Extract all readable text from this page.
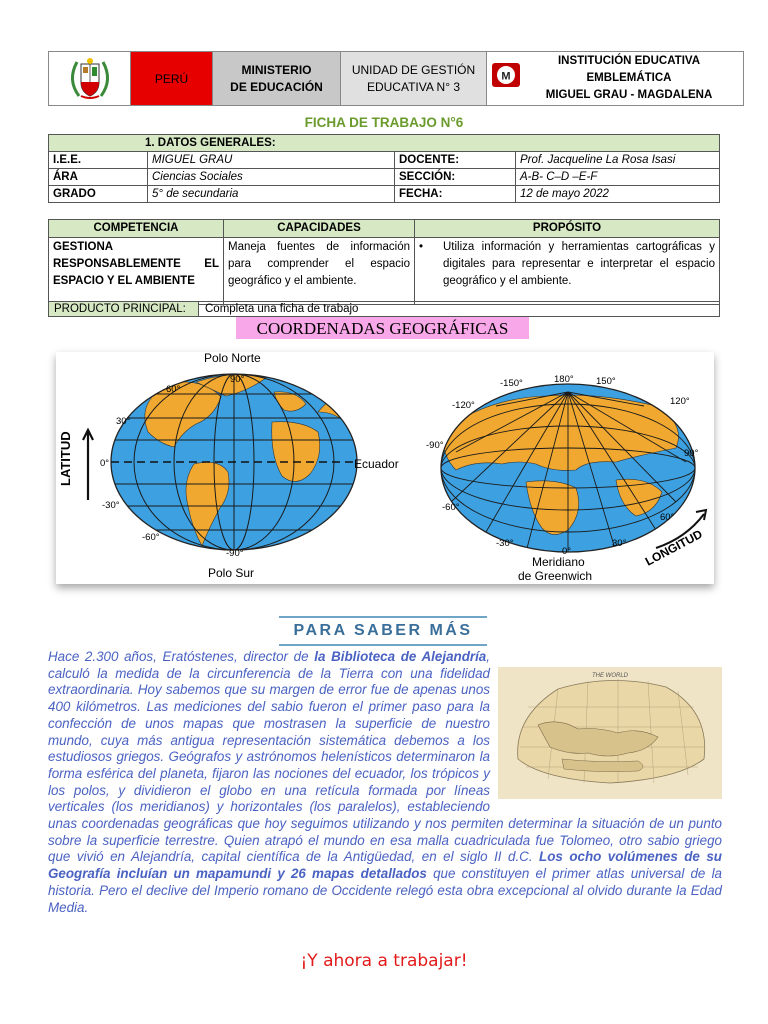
PERÚ
MINISTERIO
DE EDUCACIÓN
UNIDAD DE GESTIÓN
EDUCATIVA N° 3
M
INSTITUCIÓN EDUCATIVA
EMBLEMÁTICA
MIGUEL GRAU - MAGDALENA
FICHA DE TRABAJO N°6
1. DATOS GENERALES:			
I.E.E.	MIGUEL GRAU	DOCENTE:	Prof. Jacqueline La Rosa Isasi
ÁRA	Ciencias Sociales	SECCIÓN:	A-B- C–D –E-F
GRADO	5° de secundaria	FECHA:	12 de mayo 2022
COMPETENCIA	CAPACIDADES	PROPÓSITO
GESTIONA

RESPONSABLEMENTE EL
ESPACIO Y EL AMBIENTE	Maneja fuentes de información para comprender el espacio geográfico y el ambiente.	• Utiliza información y herramientas cartográficas y digitales para representar e interpretar el espacio geográfico y el ambiente.
PRODUCTO PRINCIPAL:	Completa una ficha de trabajo
COORDENADAS GEOGRÁFICAS
Polo Norte
Polo Sur
Ecuador
90°
60°
30°
0°
-30°
-60°
-90°
LATITUD
-150°	180° 150°
-120°	120°
-90°
90°
-60°
60°
-30°
0°
30°
Meridiano
de Greenwich
LONGITUD
PARA SABER MÁS
THE WORLD
Hace 2.300 años, Eratóstenes, director de la Biblioteca de Alejandría, calculó la medida de la circunferencia de la Tierra con una fidelidad extraordinaria. Hoy sabemos que su margen de error fue de apenas unos 400 kilómetros. Las mediciones del sabio fueron el primer paso para la confección de unos mapas que mostrasen la superficie de nuestro mundo, cuya más antigua representación sistemática debemos a los estudiosos griegos. Geógrafos y astrónomos helenísticos determinaron la forma esférica del planeta, fijaron las nociones del ecuador, los trópicos y los polos, y dividieron el globo en una retícula formada por líneas verticales (los meridianos) y horizontales (los paralelos), estableciendo unas coordenadas geográficas que hoy seguimos utilizando y nos permiten determinar la situación de un punto sobre la superficie terrestre. Quien atrapó el mundo en esa malla cuadriculada fue Tolomeo, otro sabio griego que vivió en Alejandría, capital científica de la Antigüedad, en el siglo II d.C. Los ocho volúmenes de su Geografía incluían un mapamundi y 26 mapas detallados que constituyen el primer atlas universal de la historia. Pero el declive del Imperio romano de Occidente relegó esta obra excepcional al olvido durante la Edad Media.
¡Y ahora a trabajar!
